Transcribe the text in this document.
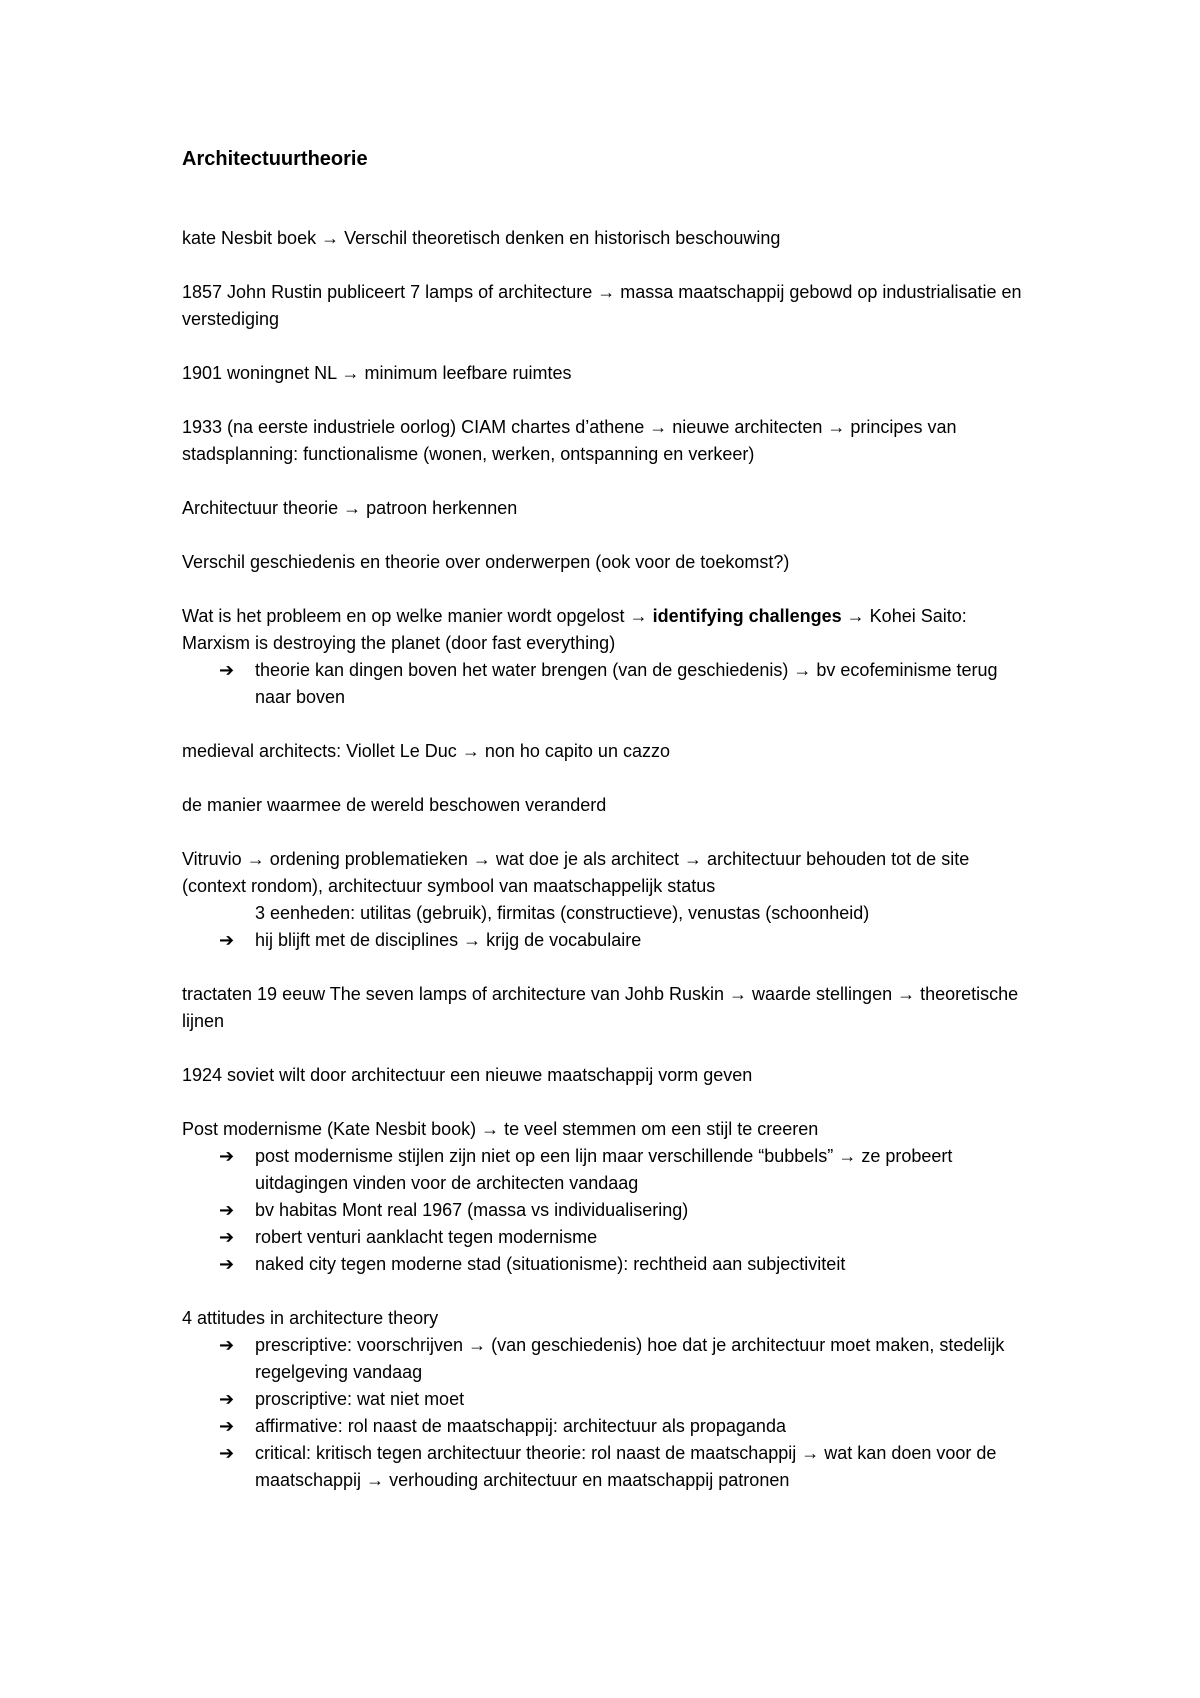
Architectuurtheorie

kate Nesbit boek → Verschil theoretisch denken en historisch beschouwing

1857 John Rustin publiceert 7 lamps of architecture → massa maatschappij gebowd op industrialisatie en verstediging

1901 woningnet NL → minimum leefbare ruimtes

1933 (na eerste industriele oorlog) CIAM chartes d’athene → nieuwe architecten → principes van stadsplanning: functionalisme (wonen, werken, ontspanning en verkeer)

Architectuur theorie → patroon herkennen

Verschil geschiedenis en theorie over onderwerpen (ook voor de toekomst?)

Wat is het probleem en op welke manier wordt opgelost → identifying challenges → Kohei Saito: Marxism is destroying the planet (door fast everything)

➔ theorie kan dingen boven het water brengen (van de geschiedenis) → bv ecofeminisme terug naar boven

medieval architects: Viollet Le Duc → non ho capito un cazzo

de manier waarmee de wereld beschowen veranderd

Vitruvio → ordening problematieken → wat doe je als architect → architectuur behouden tot de site (context rondom), architectuur symbool van maatschappelijk status

3 eenheden: utilitas (gebruik), firmitas (constructieve), venustas (schoonheid)
➔ hij blijft met de disciplines → krijg de vocabulaire

tractaten 19 eeuw The seven lamps of architecture van Johb Ruskin → waarde stellingen → theoretische lijnen

1924 soviet wilt door architectuur een nieuwe maatschappij vorm geven

Post modernisme (Kate Nesbit book) → te veel stemmen om een stijl te creeren

➔ post modernisme stijlen zijn niet op een lijn maar verschillende “bubbels” → ze probeert uitdagingen vinden voor de architecten vandaag
➔ bv habitas Mont real 1967 (massa vs individualisering)
➔ robert venturi aanklacht tegen modernisme
➔ naked city tegen moderne stad (situationisme): rechtheid aan subjectiviteit

4 attitudes in architecture theory

➔ prescriptive: voorschrijven → (van geschiedenis) hoe dat je architectuur moet maken, stedelijk regelgeving vandaag
➔ proscriptive: wat niet moet
➔ affirmative: rol naast de maatschappij: architectuur als propaganda
➔ critical: kritisch tegen architectuur theorie: rol naast de maatschappij → wat kan doen voor de maatschappij → verhouding architectuur en maatschappij patronen
